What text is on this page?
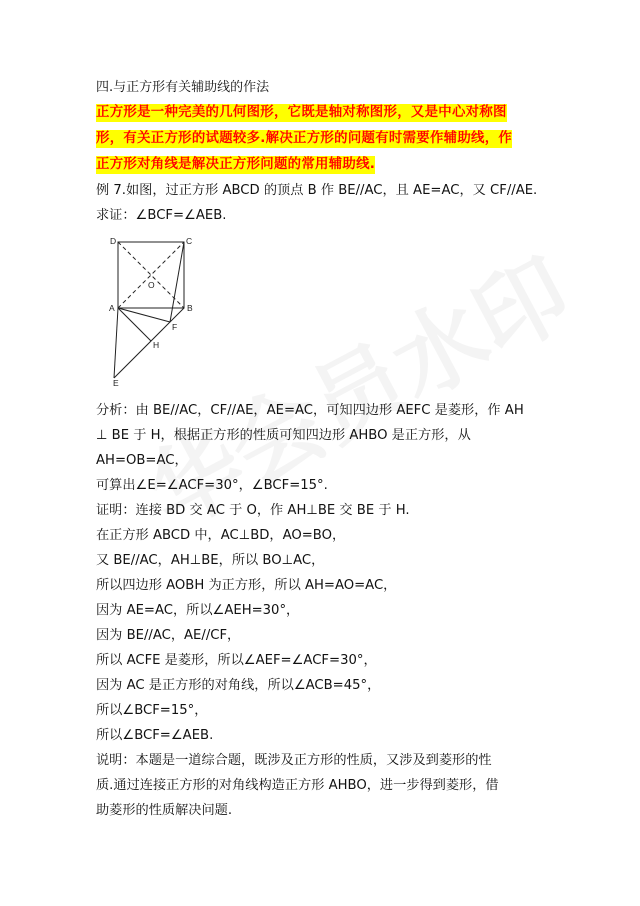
四.与正方形有关辅助线的作法
正方形是一种完美的几何图形，它既是轴对称图形，又是中心对称图
形，有关正方形的试题较多.解决正方形的问题有时需要作辅助线，作
正方形对角线是解决正方形问题的常用辅助线.
例 7.如图，过正方形 ABCD 的顶点 B 作 BE//AC，且 AE=AC，又 CF//AE.
求证：∠BCF=∠AEB.
D	C
O
A	B
F
H
E
分析：由 BE//AC，CF//AE，AE=AC，可知四边形 AEFC 是菱形，作 AH
⊥ BE 于 H，根据正方形的性质可知四边形 AHBO 是正方形，从
AH=OB=AC，
可算出∠E=∠ACF=30°，∠BCF=15°.
证明：连接 BD 交 AC 于 O，作 AH⊥BE 交 BE 于 H.
在正方形 ABCD 中，AC⊥BD，AO=BO，
又 BE//AC，AH⊥BE，所以 BO⊥AC，
所以四边形 AOBH 为正方形，所以 AH=AO=AC，
因为 AE=AC，所以∠AEH=30°，
因为 BE//AC，AE//CF，
所以 ACFE 是菱形，所以∠AEF=∠ACF=30°，
因为 AC 是正方形的对角线，所以∠ACB=45°，
所以∠BCF=15°，
所以∠BCF=∠AEB.
说明：本题是一道综合题，既涉及正方形的性质，又涉及到菱形的性
质.通过连接正方形的对角线构造正方形 AHBO，进一步得到菱形，借
助菱形的性质解决问题.
